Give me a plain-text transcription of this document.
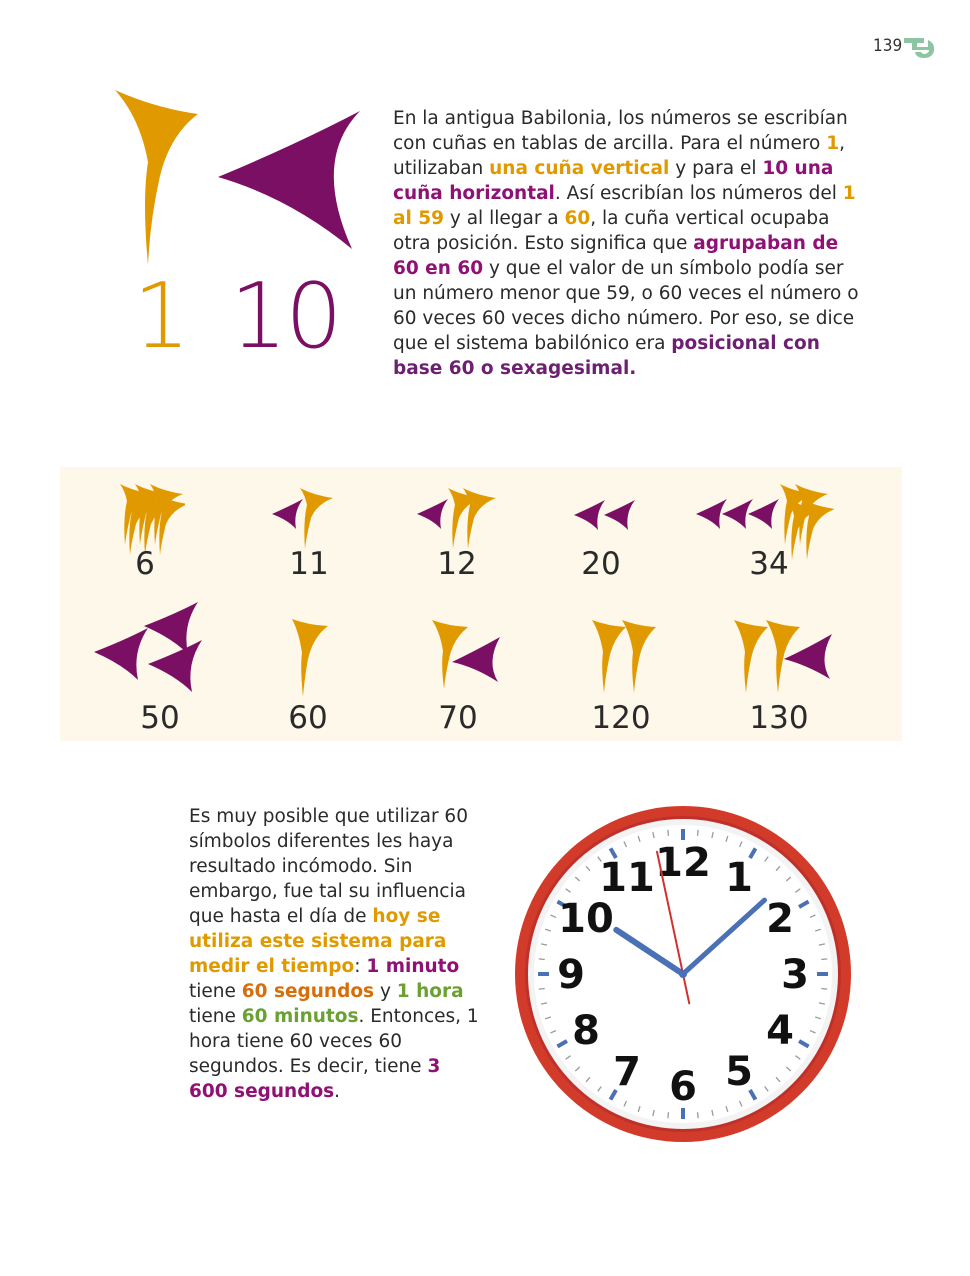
139
1 10
En la antigua Babilonia, los números se escribían con cuñas en tablas de arcilla. Para el número 1, utilizaban una cuña vertical y para el 10 una cuña horizontal. Así escribían los números del 1 al 59 y al llegar a 60, la cuña vertical ocupaba otra posición. Esto significa que agrupaban de 60 en 60 y que el valor de un símbolo podía ser un número menor que 59, o 60 veces el número o 60 veces 60 veces dicho número. Por eso, se dice que el sistema babilónico era posicional con base 60 o sexagesimal.
6	11	12	20	34
50	60	70	120	130
Es muy posible que utilizar 60 símbolos diferentes les haya resultado incómodo. Sin embargo, fue tal su influencia que hasta el día de hoy se utiliza este sistema para medir el tiempo: 1 minuto tiene 60 segundos y 1 hora tiene 60 minutos. Entonces, 1 hora tiene 60 veces 60 segundos. Es decir, tiene 3 600 segundos.
12 1
2
3
4
5
6
7
8
9
10
11
